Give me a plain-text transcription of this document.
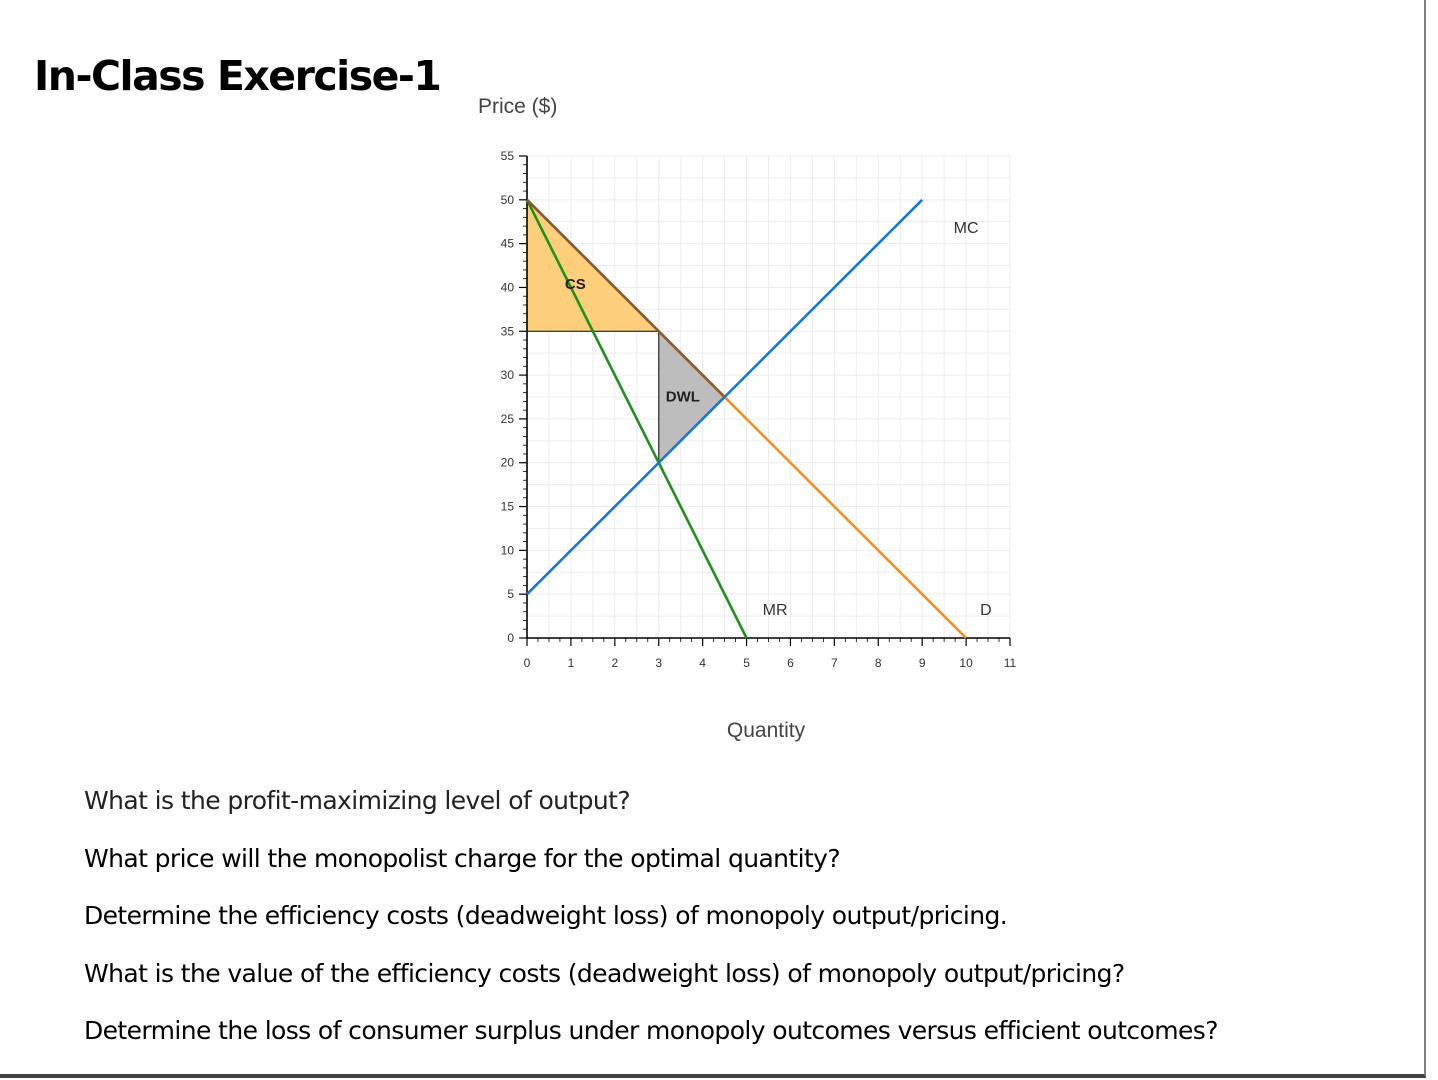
In-Class Exercise-1
0
5
10
15
20
25
30
35
40
45
50
55
0	1	2	3	4	5	6	7	8	9	10	11
CS
DWL
MC
MR	D
Price ($)
Quantity
What is the profit-maximizing level of output?
What price will the monopolist charge for the optimal quantity?
Determine the efficiency costs (deadweight loss) of monopoly output/pricing.
What is the value of the efficiency costs (deadweight loss) of monopoly output/pricing?
Determine the loss of consumer surplus under monopoly outcomes versus efficient outcomes?
